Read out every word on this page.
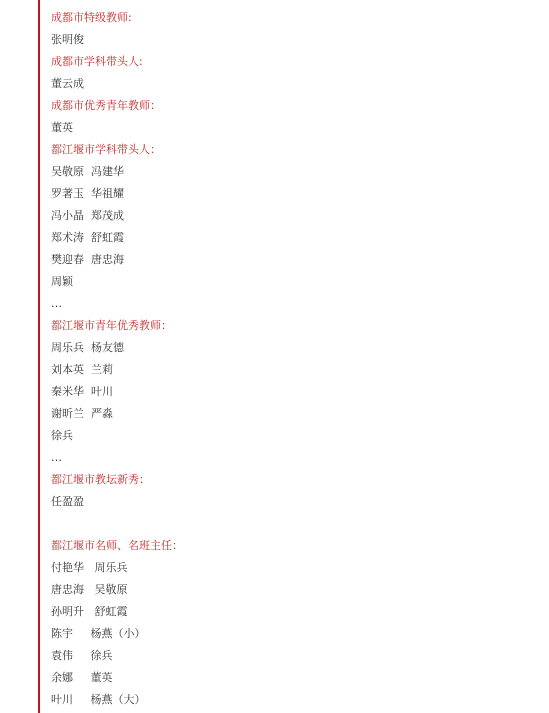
成都市特级教师:
张明俊
成都市学科带头人:
董云成
成都市优秀青年教师：
董英
都江堰市学科带头人：
吴敬原  冯建华
罗著玉  华祖耀
冯小晶  郑茂成
郑术涛  舒虹霞
樊迎春  唐忠海
周颖
…
都江堰市青年优秀教师：
周乐兵  杨友德
刘本英  兰莉
秦米华  叶川
谢昕兰  严淼
徐兵
…
都江堰市教坛新秀：
任盈盈
都江堰市名师、名班主任：
付艳华   周乐兵
唐忠海   吴敬原
孙明升   舒虹霞
陈宇     杨燕（小）
袁伟     徐兵
余娜     董英
叶川     杨燕（大）
